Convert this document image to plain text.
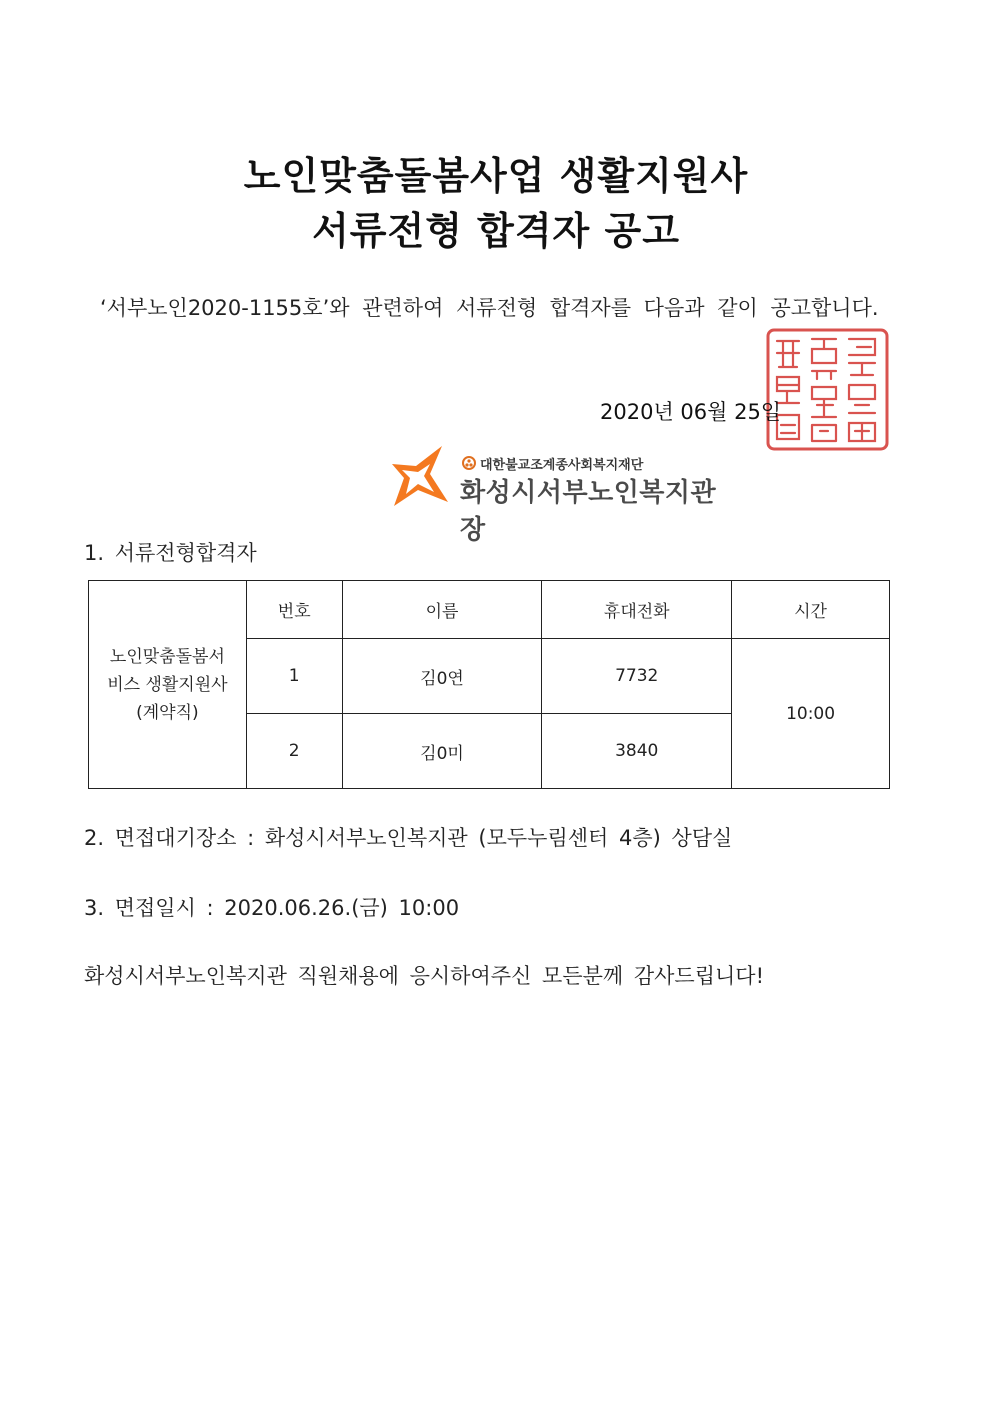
노인맞춤돌봄사업 생활지원사
서류전형 합격자 공고
‘서부노인2020-1155호’와 관련하여 서류전형 합격자를 다음과 같이 공고합니다.
2020년 06월 25일
대한불교조계종사회복지재단
화성시서부노인복지관장
1. 서류전형합격자
노인맞춤돌봄서
비스 생활지원사
(계약직)	번호	이름	휴대전화	시간
	1	김0연	7732	10:00
	2	김0미	3840	
2. 면접대기장소 : 화성시서부노인복지관 (모두누림센터 4층) 상담실
3. 면접일시 : 2020.06.26.(금) 10:00
화성시서부노인복지관 직원채용에 응시하여주신 모든분께 감사드립니다!
